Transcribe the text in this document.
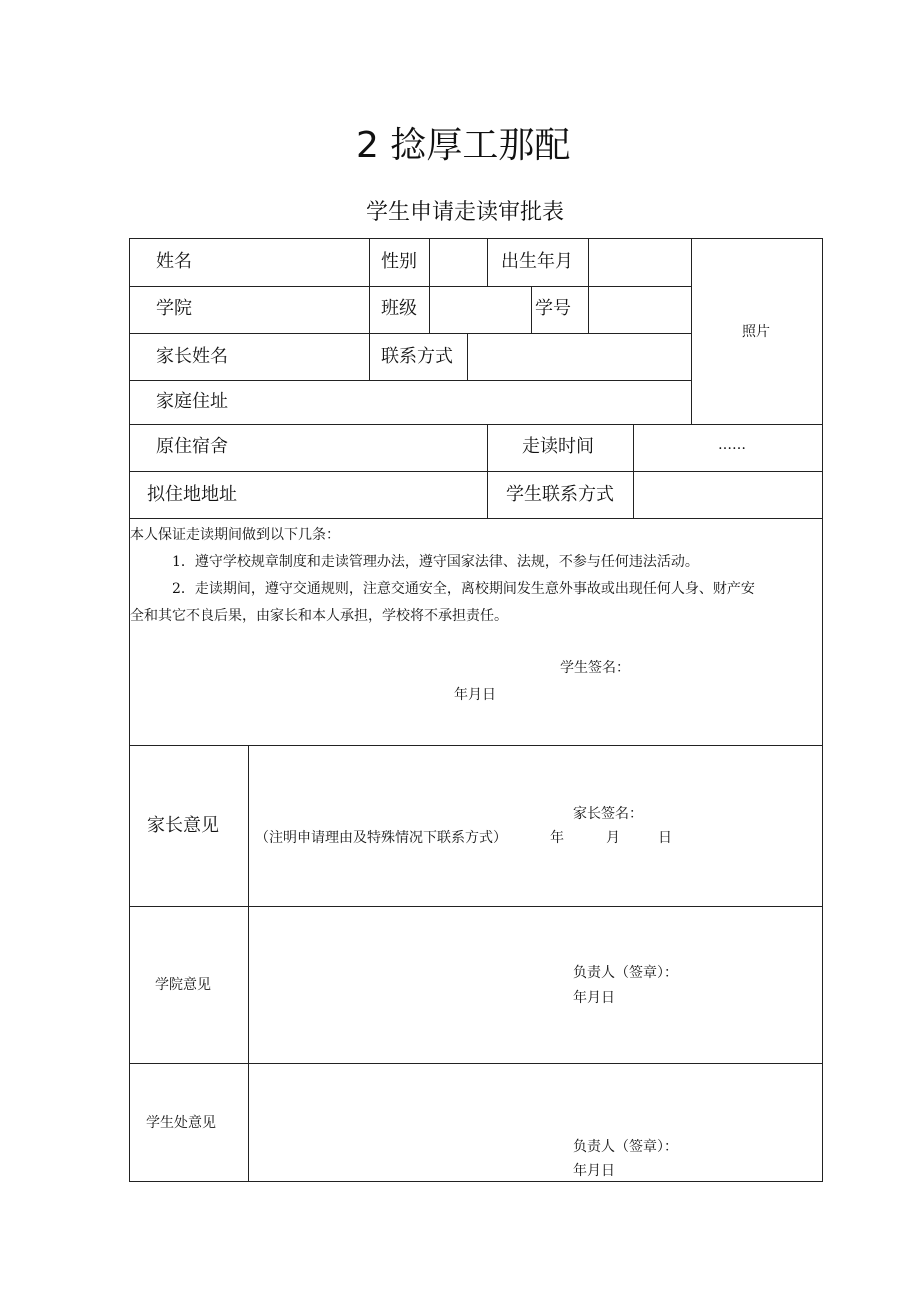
2 捻厚工那配
学生申请走读审批表
姓名	性别	出生年月
照片
学院	班级	学号
家长姓名	联系方式
家庭住址
原住宿舍	走读时间	……
拟住地地址	学生联系方式
本人保证走读期间做到以下几条：
1．遵守学校规章制度和走读管理办法，遵守国家法律、法规，不参与任何违法活动。
2．走读期间，遵守交通规则，注意交通安全，离校期间发生意外事故或出现任何人身、财产安
全和其它不良后果，由家长和本人承担，学校将不承担责任。
学生签名：
年月日
家长意见
家长签名：
（注明申请理由及特殊情况下联系方式）	年	月	日
学院意见
负责人（签章）：
年月日
学生处意见
负责人（签章）：
年月日
